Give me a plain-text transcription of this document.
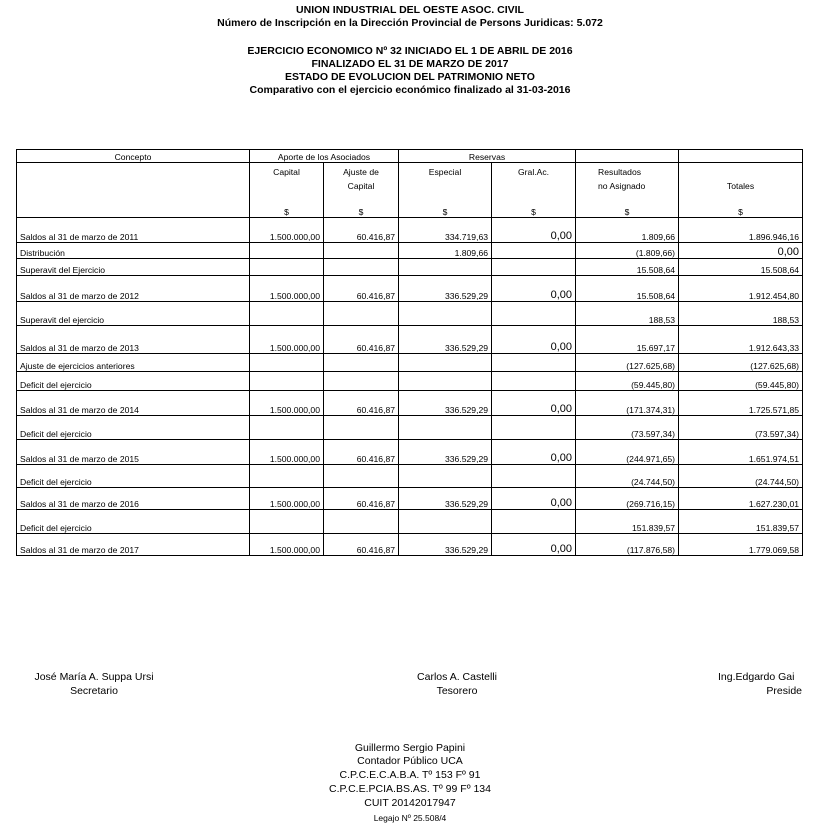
UNION INDUSTRIAL DEL OESTE ASOC. CIVIL
Número de Inscripción en la Dirección Provincial de Persons Juridicas: 5.072
EJERCICIO ECONOMICO Nº 32 INICIADO EL 1 DE ABRIL DE 2016
FINALIZADO EL 31 DE MARZO DE 2017
ESTADO DE EVOLUCION DEL PATRIMONIO NETO
Comparativo con el ejercicio económico finalizado al 31-03-2016
Concepto	Aporte de los Asociados		Reservas			
	Capital	Ajuste de	Especial	Gral.Ac.	Resultados	
		Capital			no Asignado	Totales
	$	$	$	$	$	$
Saldos al 31 de marzo de 2011	1.500.000,00	60.416,87	334.719,63	0,00	1.809,66	1.896.946,16
Distribución			1.809,66		(1.809,66)	0,00
Superavit del Ejercicio					15.508,64	15.508,64
Saldos al 31 de marzo de 2012	1.500.000,00	60.416,87	336.529,29	0,00	15.508,64	1.912.454,80
Superavit del ejercicio					188,53	188,53
Saldos al 31 de marzo de 2013	1.500.000,00	60.416,87	336.529,29	0,00	15.697,17	1.912.643,33
Ajuste de ejercicios anteriores					(127.625,68)	(127.625,68)
Deficit del ejercicio					(59.445,80)	(59.445,80)
Saldos al 31 de marzo de 2014	1.500.000,00	60.416,87	336.529,29	0,00	(171.374,31)	1.725.571,85
Deficit del ejercicio					(73.597,34)	(73.597,34)
Saldos al 31 de marzo de 2015	1.500.000,00	60.416,87	336.529,29	0,00	(244.971,65)	1.651.974,51
Deficit del ejercicio					(24.744,50)	(24.744,50)
Saldos al 31 de marzo de 2016	1.500.000,00	60.416,87	336.529,29	0,00	(269.716,15)	1.627.230,01
Deficit del ejercicio					151.839,57	151.839,57
Saldos al 31 de marzo de 2017	1.500.000,00	60.416,87	336.529,29	0,00	(117.876,58)	1.779.069,58
José María A. Suppa Ursi
Secretario
Carlos A. Castelli
Tesorero
Ing.Edgardo Gai
Preside
Guillermo Sergio Papini
Contador Público UCA
C.P.C.E.C.A.B.A. Tº 153 Fº 91
C.P.C.E.PCIA.BS.AS. Tº 99 Fº 134
CUIT 20142017947
Legajo Nº 25.508/4
